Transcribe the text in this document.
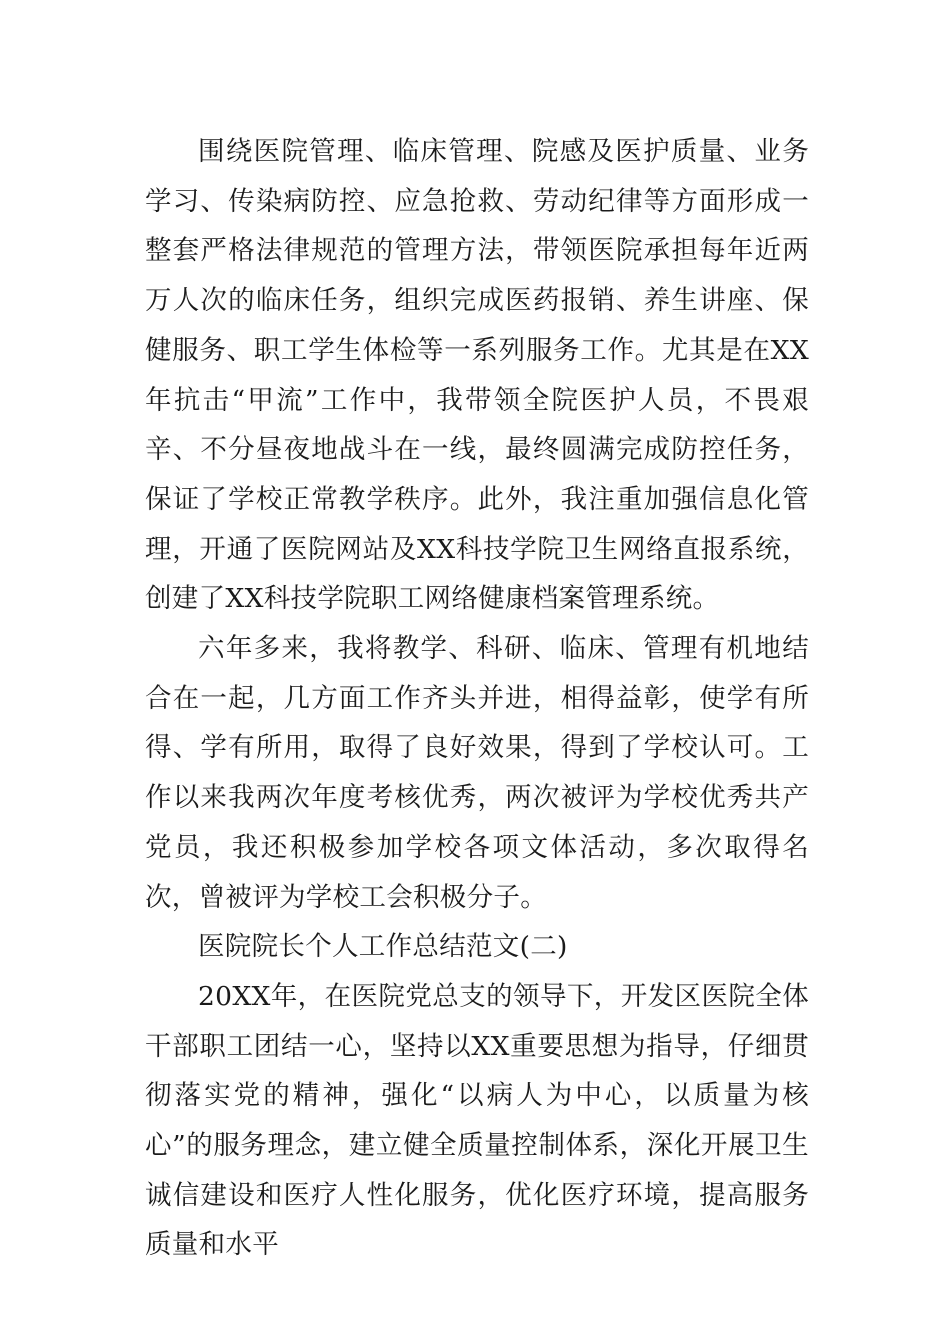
围绕医院管理、临床管理、院感及医护质量、业务学习、传染病防控、应急抢救、劳动纪律等方面形成一整套严格法律规范的管理方法，带领医院承担每年近两万人次的临床任务，组织完成医药报销、养生讲座、保健服务、职工学生体检等一系列服务工作。尤其是在XX年抗击“甲流”工作中，我带领全院医护人员，不畏艰辛、不分昼夜地战斗在一线，最终圆满完成防控任务，保证了学校正常教学秩序。此外，我注重加强信息化管理，开通了医院网站及XX科技学院卫生网络直报系统，创建了XX科技学院职工网络健康档案管理系统。

六年多来，我将教学、科研、临床、管理有机地结合在一起，几方面工作齐头并进，相得益彰，使学有所得、学有所用，取得了良好效果，得到了学校认可。工作以来我两次年度考核优秀，两次被评为学校优秀共产党员，我还积极参加学校各项文体活动，多次取得名次，曾被评为学校工会积极分子。

医院院长个人工作总结范文(二)

20XX年，在医院党总支的领导下，开发区医院全体干部职工团结一心，坚持以XX重要思想为指导，仔细贯彻落实党的精神，强化“以病人为中心，以质量为核心”的服务理念，建立健全质量控制体系，深化开展卫生诚信建设和医疗人性化服务，优化医疗环境，提高服务质量和水平
